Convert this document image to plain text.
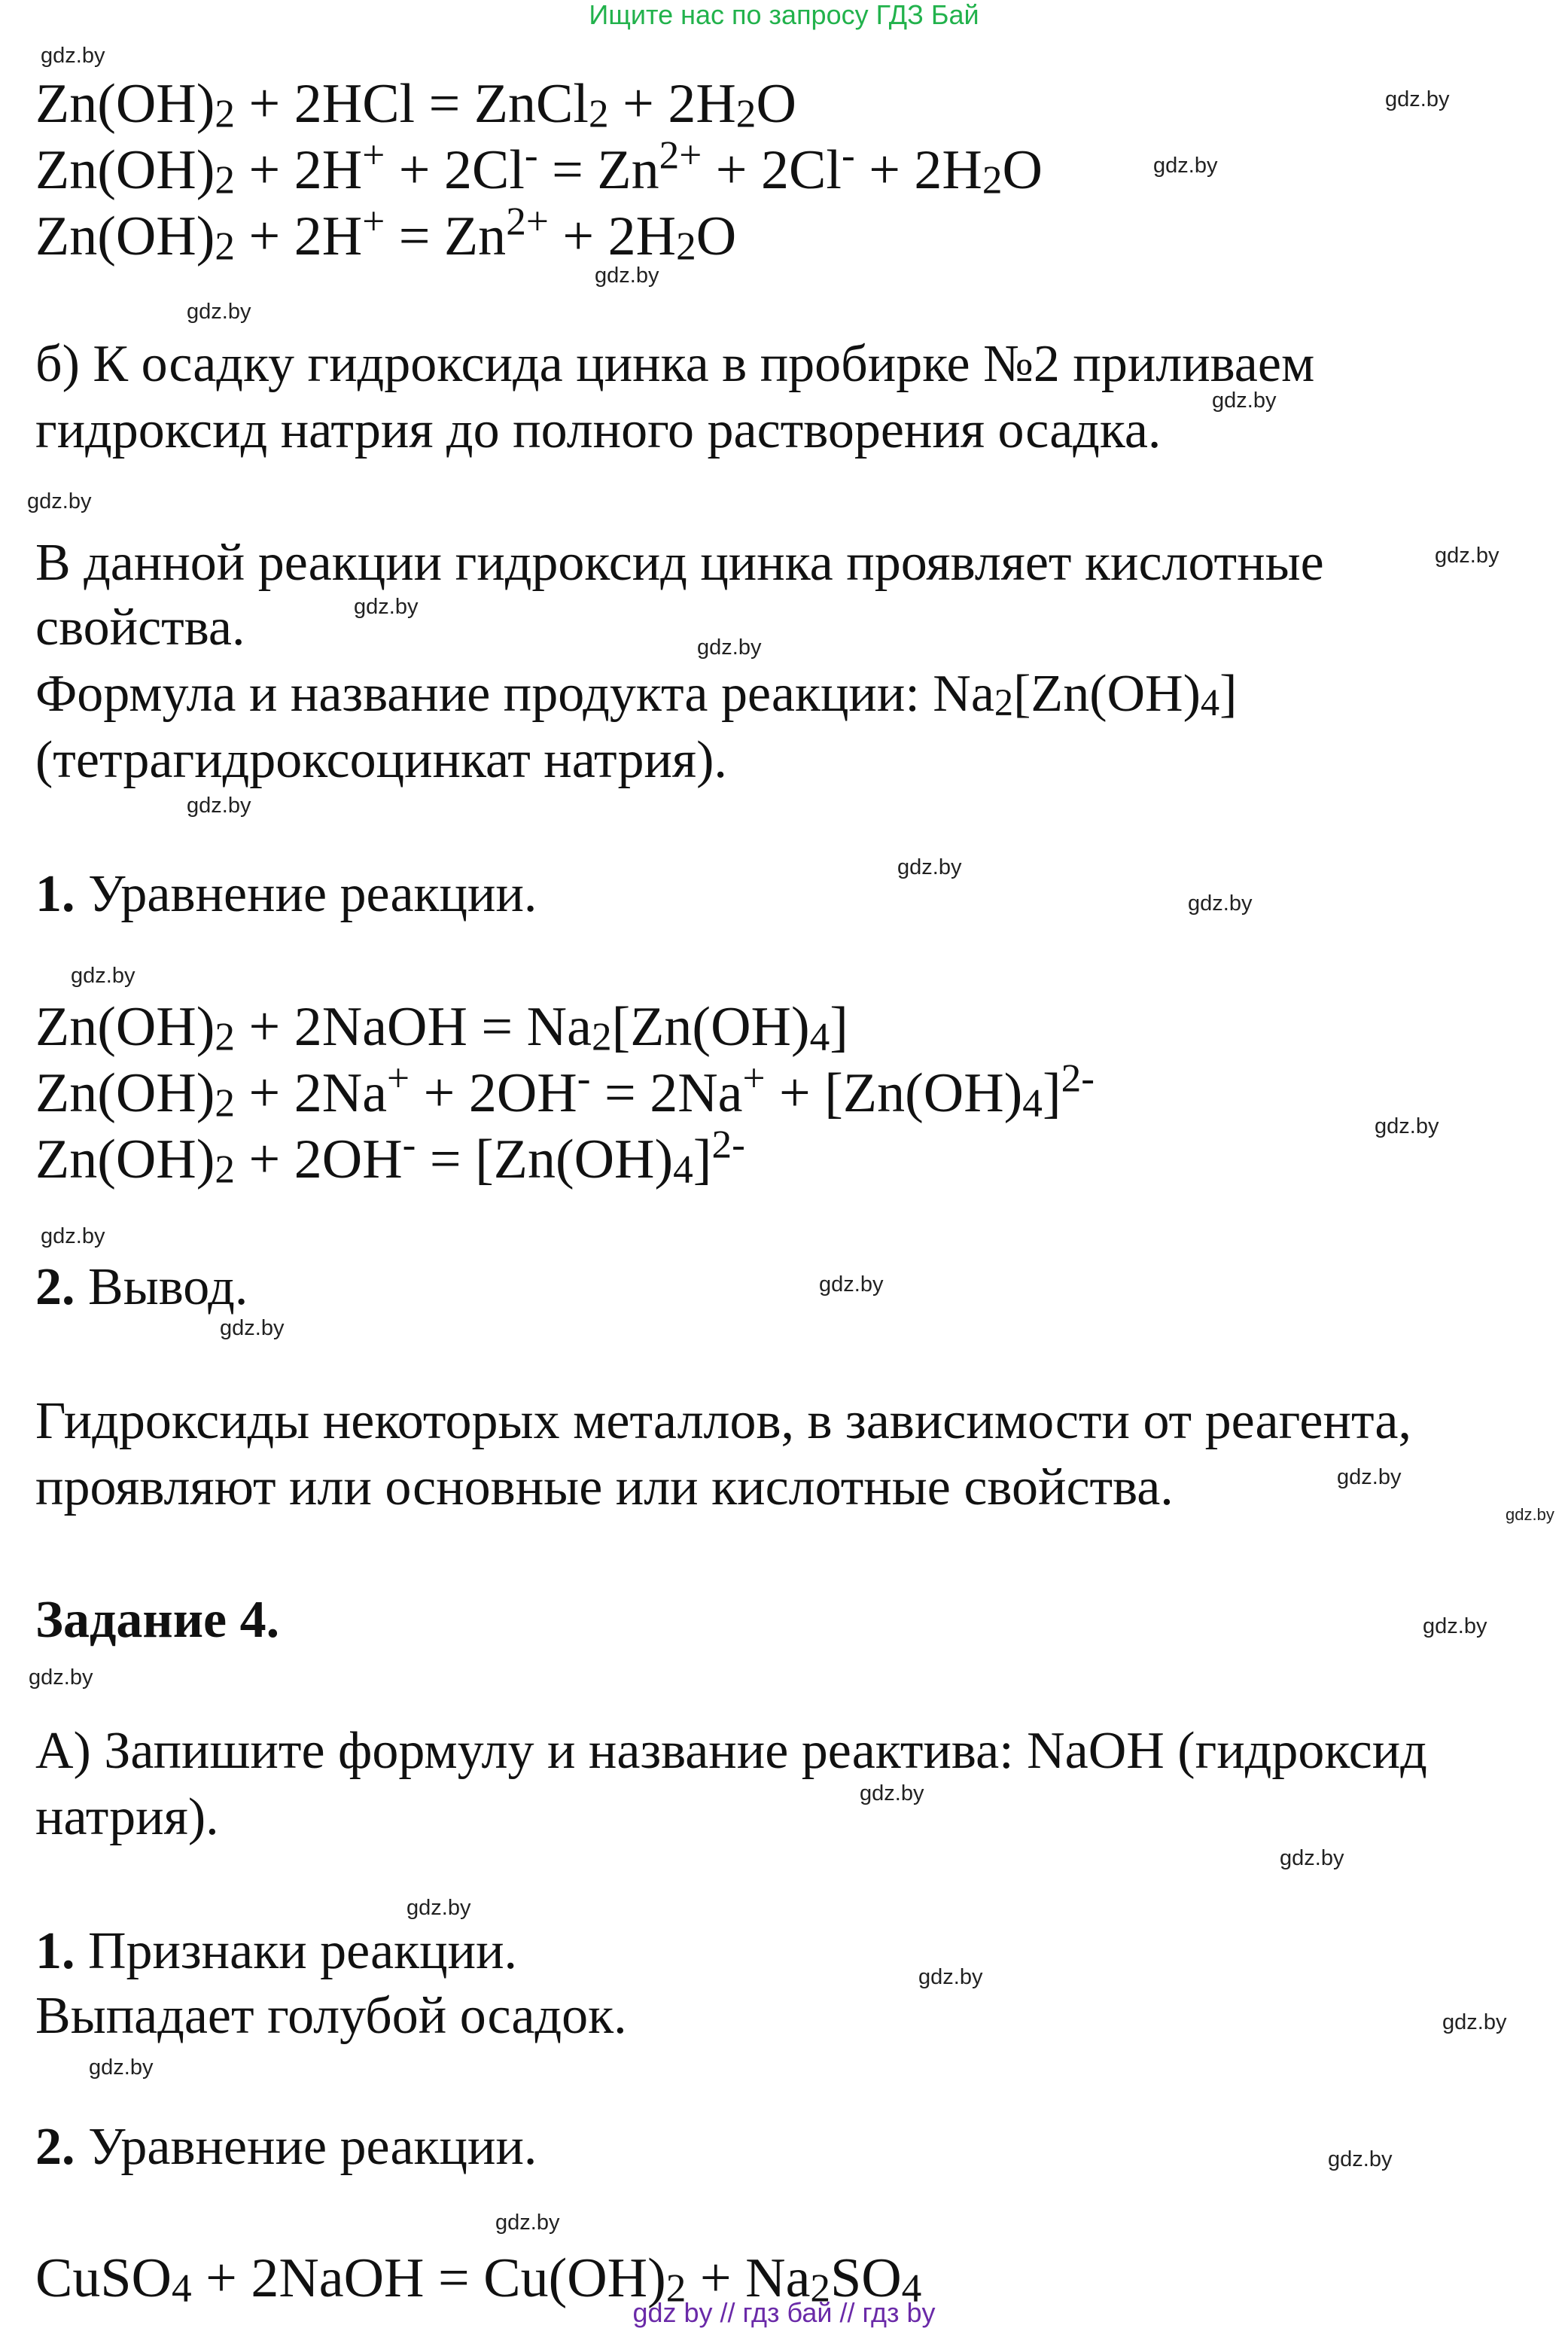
Ищите нас по запросу ГДЗ Бай
$Zn(OH)_2 + 2HCl$ = ZnCl$_2$ + $2H_2O$
$Zn(OH)_2 + 2H^+ + 2Cl^- = Zn^{2+} + 2Cl^- + 2H_2O$
$Zn(OH)_2 + 2H^+ = Zn^{2+} + 2H_2O$
б) К осадку гидроксида цинка в пробирке №2 приливаем
гидроксид натрия до полного растворения осадка.
В данной реакции гидроксид цинка проявляет кислотные
свойства.
Формула и название продукта реакции: $Na_2[Zn(OH)_4]$
(тетрагидроксоцинкат натрия).
1. Уравнение реакции.
$Zn(OH)_2$ + 2NaOH = $Na_2[Zn(OH)_4]$
$Zn(OH)_2 + 2Na^+ + 2OH^- = 2Na^+ + [Zn(OH)_4]^{2-}$
$Zn(OH)_2 + 2OH^- = [Zn(OH)_4]^{2-}$
2. Вывод.
Гидроксиды некоторых металлов, в зависимости от реагента,
проявляют или основные или кислотные свойства.
Задание 4.
А) Запишите формулу и название реактива: NaOH (гидроксид
натрия).
1. Признаки реакции.
Выпадает голубой осадок.
2. Уравнение реакции.
CuSO$_4$ + 2NaOH = $Cu(OH)_2 + Na_2SO_4$
gdz by // гдз бай // гдз by
gdz.by
gdz.by
gdz.by
gdz.by
gdz.by
gdz.by
gdz.by
gdz.by
gdz.by
gdz.by
gdz.by
gdz.by
gdz.by
gdz.by
gdz.by
gdz.by
gdz.by
gdz.by
gdz.by
gdz.by
gdz.by
gdz.by
gdz.by
gdz.by
gdz.by
gdz.by
gdz.by
gdz.by
gdz.by
gdz.by
